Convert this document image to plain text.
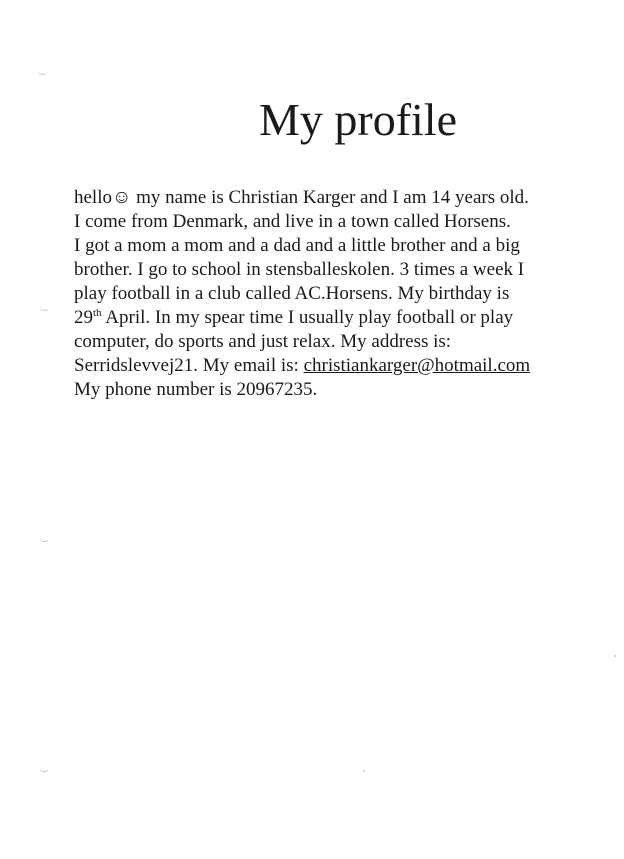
My profile
hello☺ my name is Christian Karger and I am 14 years old.
I come from Denmark, and live in a town called Horsens.
I got a mom a mom and a dad and a little brother and a big
brother. I go to school in stensballeskolen. 3 times a week I
play football in a club called AC.Horsens. My birthday is
29th April. In my spear time I usually play football or play
computer, do sports and just relax. My address is:
Serridslevvej21. My email is: christiankarger@hotmail.com
My phone number is 20967235.
